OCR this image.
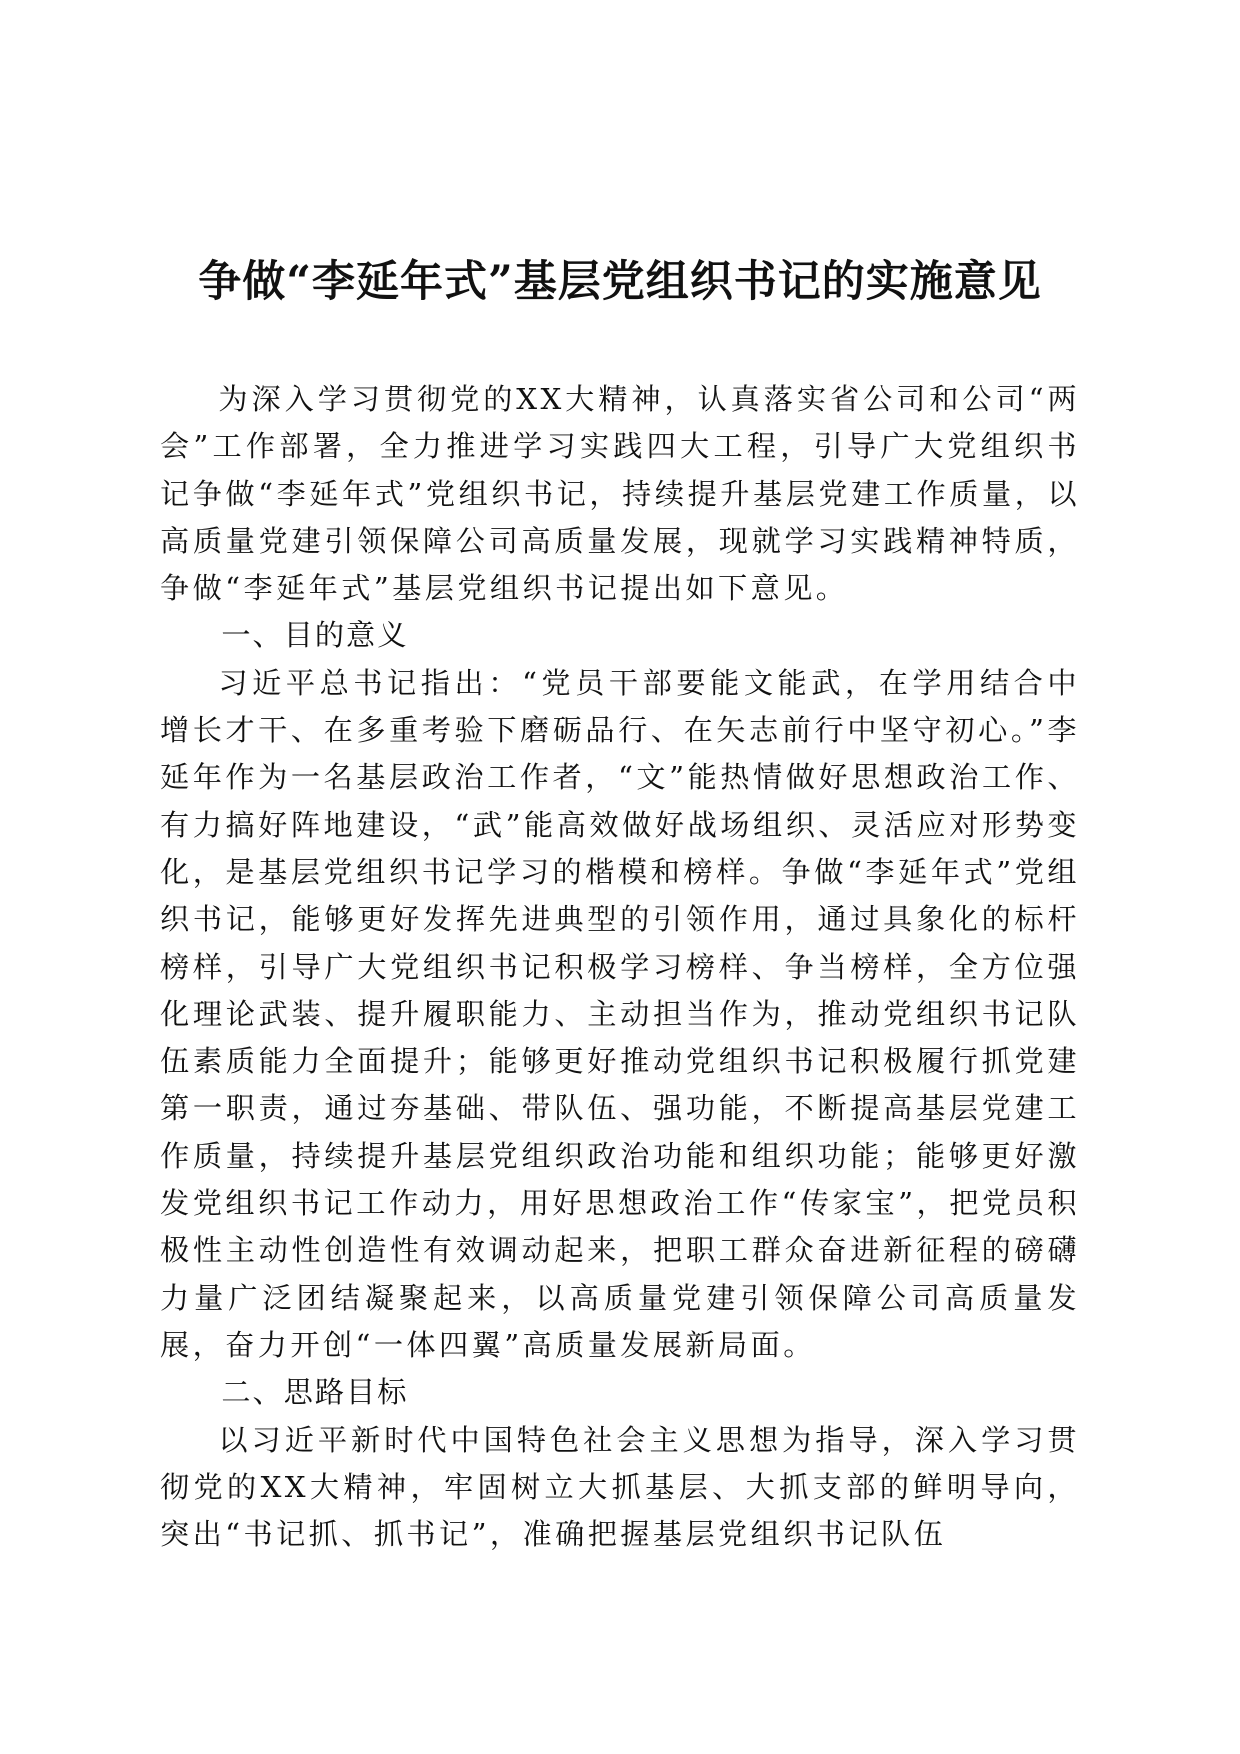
争做“李延年式”基层党组织书记的实施意见

为深入学习贯彻党的XX大精神，认真落实省公司和公司“两会”工作部署，全力推进学习实践四大工程，引导广大党组织书记争做“李延年式”党组织书记，持续提升基层党建工作质量，以高质量党建引领保障公司高质量发展，现就学习实践精神特质，争做“李延年式”基层党组织书记提出如下意见。

一、目的意义

习近平总书记指出：“党员干部要能文能武，在学用结合中增长才干、在多重考验下磨砺品行、在矢志前行中坚守初心。”李延年作为一名基层政治工作者，“文”能热情做好思想政治工作、有力搞好阵地建设，“武”能高效做好战场组织、灵活应对形势变化，是基层党组织书记学习的楷模和榜样。争做“李延年式”党组织书记，能够更好发挥先进典型的引领作用，通过具象化的标杆榜样，引导广大党组织书记积极学习榜样、争当榜样，全方位强化理论武装、提升履职能力、主动担当作为，推动党组织书记队伍素质能力全面提升；能够更好推动党组织书记积极履行抓党建第一职责，通过夯基础、带队伍、强功能，不断提高基层党建工作质量，持续提升基层党组织政治功能和组织功能；能够更好激发党组织书记工作动力，用好思想政治工作“传家宝”，把党员积极性主动性创造性有效调动起来，把职工群众奋进新征程的磅礴力量广泛团结凝聚起来，以高质量党建引领保障公司高质量发展，奋力开创“一体四翼”高质量发展新局面。

二、思路目标

以习近平新时代中国特色社会主义思想为指导，深入学习贯彻党的XX大精神，牢固树立大抓基层、大抓支部的鲜明导向，突出“书记抓、抓书记”，准确把握基层党组织书记队伍
